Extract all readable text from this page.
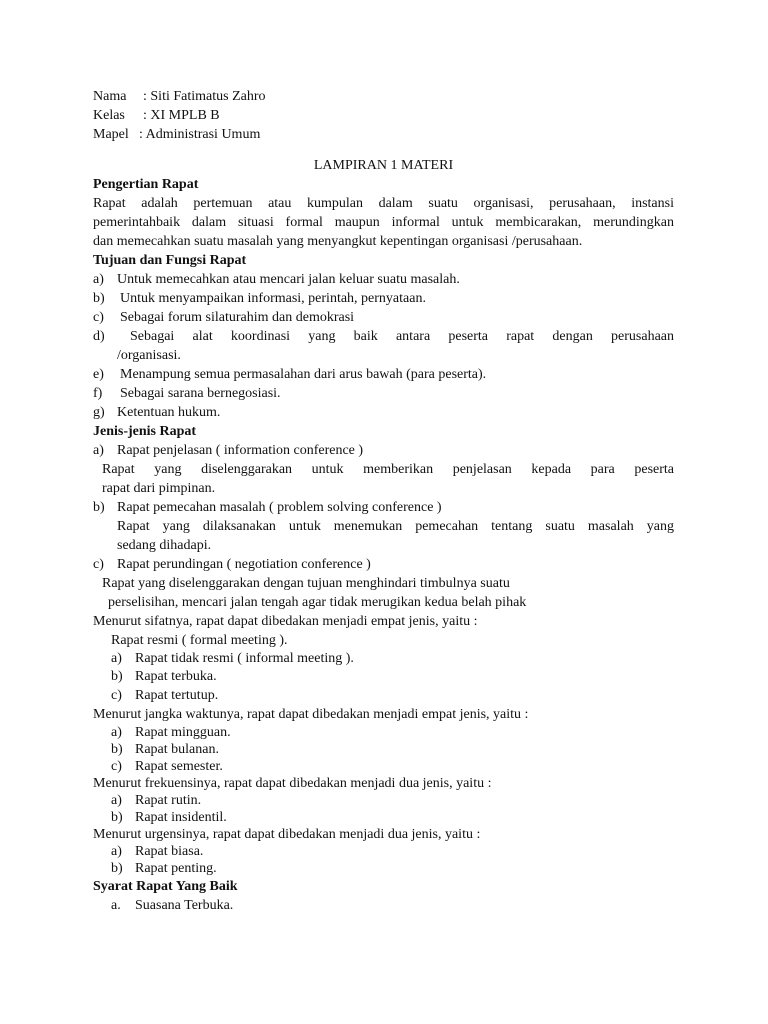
Nama : Siti Fatimatus Zahro
Kelas : XI MPLB B
Mapel : Administrasi Umum
LAMPIRAN 1 MATERI
Pengertian Rapat
Rapat adalah pertemuan atau kumpulan dalam suatu organisasi, perusahaan, instansi
pemerintahbaik dalam situasi formal maupun informal untuk membicarakan, merundingkan
dan memecahkan suatu masalah yang menyangkut kepentingan organisasi /perusahaan.
Tujuan dan Fungsi Rapat
a) Untuk memecahkan atau mencari jalan keluar suatu masalah.
b) Untuk menyampaikan informasi, perintah, pernyataan.
c) Sebagai forum silaturahim dan demokrasi
d)	Sebagai alat koordinasi yang baik antara peserta rapat dengan perusahaan
/organisasi.
e) Menampung semua permasalahan dari arus bawah (para peserta).
f) Sebagai sarana bernegosiasi.
g) Ketentuan hukum.
Jenis-jenis Rapat
a) Rapat penjelasan ( information conference )
Rapat yang diselenggarakan untuk memberikan penjelasan kepada para peserta
rapat dari pimpinan.
b) Rapat pemecahan masalah ( problem solving conference )
Rapat yang dilaksanakan untuk menemukan pemecahan tentang suatu masalah yang
sedang dihadapi.
c) Rapat perundingan ( negotiation conference )
Rapat yang diselenggarakan dengan tujuan menghindari timbulnya suatu
perselisihan, mencari jalan tengah agar tidak merugikan kedua belah pihak
Menurut sifatnya, rapat dapat dibedakan menjadi empat jenis, yaitu :
Rapat resmi ( formal meeting ).
a) Rapat tidak resmi ( informal meeting ).
b) Rapat terbuka.
c) Rapat tertutup.
Menurut jangka waktunya, rapat dapat dibedakan menjadi empat jenis, yaitu :
a) Rapat mingguan.
b) Rapat bulanan.
c) Rapat semester.
Menurut frekuensinya, rapat dapat dibedakan menjadi dua jenis, yaitu :
a) Rapat rutin.
b) Rapat insidentil.
Menurut urgensinya, rapat dapat dibedakan menjadi dua jenis, yaitu :
a) Rapat biasa.
b) Rapat penting.
Syarat Rapat Yang Baik
a. Suasana Terbuka.
